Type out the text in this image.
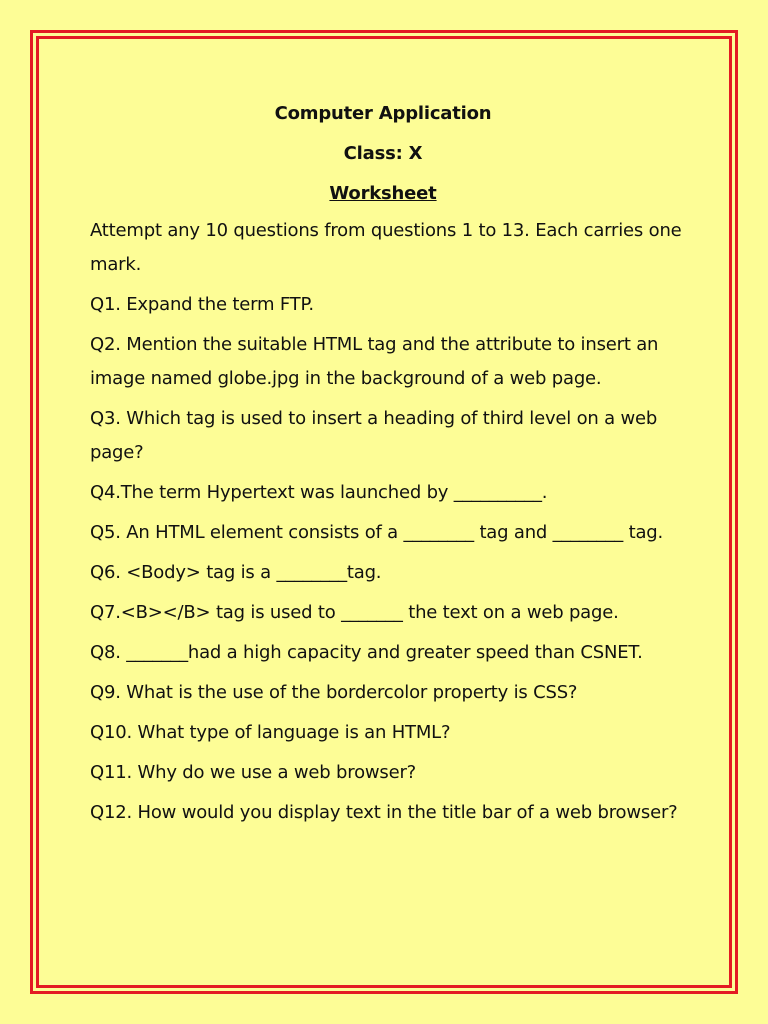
Computer Application
Class: X
Worksheet

Attempt any 10 questions from questions 1 to 13. Each carries one mark.

Q1. Expand the term FTP.

Q2. Mention the suitable HTML tag and the attribute to insert an image named globe.jpg in the background of a web page.

Q3. Which tag is used to insert a heading of third level on a web page?

Q4.The term Hypertext was launched by __________.

Q5. An HTML element consists of a ________ tag and ________ tag.

Q6. <Body> tag is a ________tag.

Q7.<B></B> tag is used to _______ the text on a web page.

Q8. _______had a high capacity and greater speed than CSNET.

Q9. What is the use of the bordercolor property is CSS?

Q10. What type of language is an HTML?

Q11. Why do we use a web browser?

Q12. How would you display text in the title bar of a web browser?
